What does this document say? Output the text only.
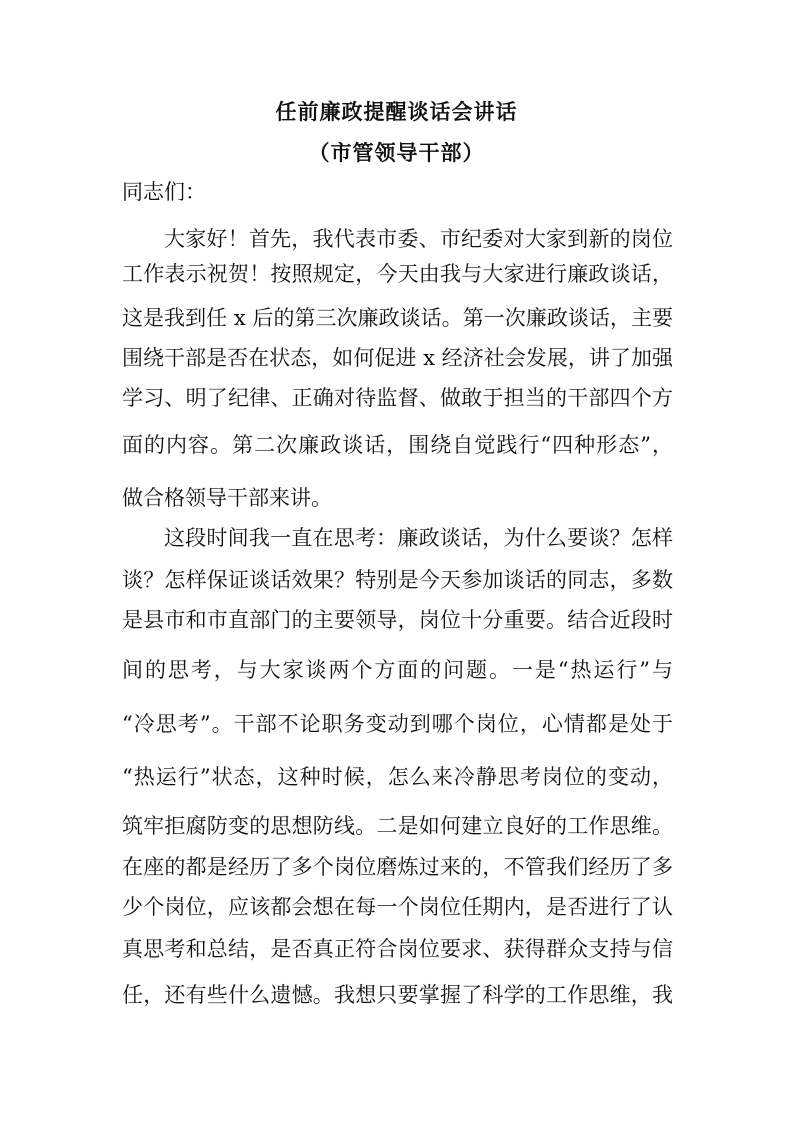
任前廉政提醒谈话会讲话
（市管领导干部）
同志们：
大家好！首先，我代表市委、市纪委对大家到新的岗位
工作表示祝贺！按照规定，今天由我与大家进行廉政谈话，
这是我到任 x 后的第三次廉政谈话。第一次廉政谈话，主要
围绕干部是否在状态，如何促进 x 经济社会发展，讲了加强
学习、明了纪律、正确对待监督、做敢于担当的干部四个方
面的内容。第二次廉政谈话，围绕自觉践行“四种形态”，
做合格领导干部来讲。
这段时间我一直在思考：廉政谈话，为什么要谈？怎样
谈？怎样保证谈话效果？特别是今天参加谈话的同志，多数
是县市和市直部门的主要领导，岗位十分重要。结合近段时
间的思考，与大家谈两个方面的问题。一是“热运行”与
“冷思考”。干部不论职务变动到哪个岗位，心情都是处于
“热运行”状态，这种时候，怎么来冷静思考岗位的变动，
筑牢拒腐防变的思想防线。二是如何建立良好的工作思维。
在座的都是经历了多个岗位磨炼过来的，不管我们经历了多
少个岗位，应该都会想在每一个岗位任期内，是否进行了认
真思考和总结，是否真正符合岗位要求、获得群众支持与信
任，还有些什么遗憾。我想只要掌握了科学的工作思维，我
